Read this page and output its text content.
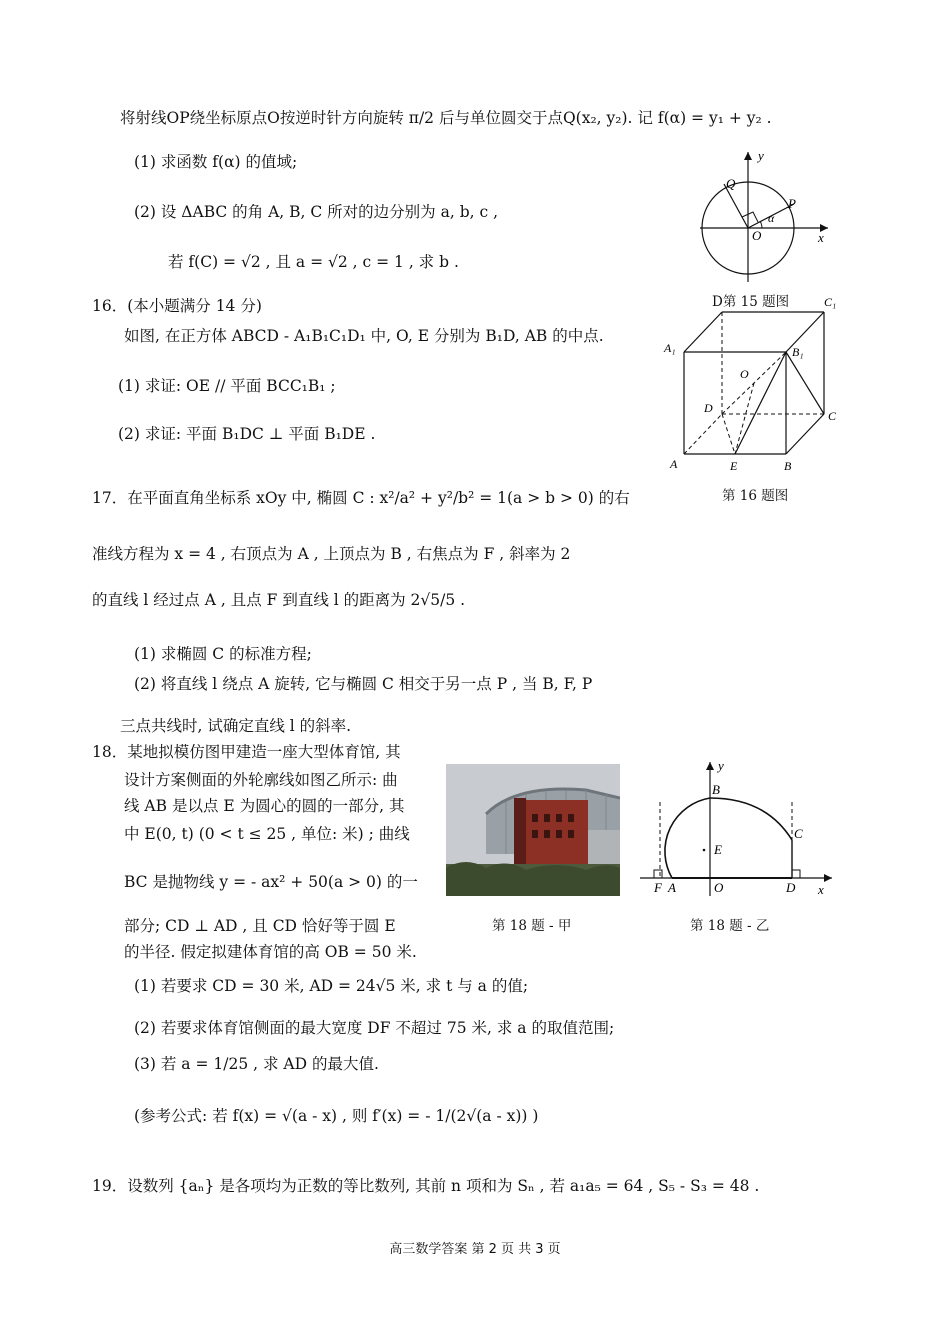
将射线OP绕坐标原点O按逆时针方向旋转 π/2 后与单位圆交于点Q(x₂, y₂). 记 f(α) = y₁ + y₂ .
(1) 求函数 f(α) 的值域;
(2) 设 ΔABC 的角 A, B, C 所对的边分别为 a, b, c ,
若 f(C) = √2 , 且 a = √2 , c = 1 , 求 b .
16．(本小题满分 14 分)
如图, 在正方体 ABCD - A₁B₁C₁D₁ 中, O, E 分别为 B₁D, AB 的中点.
(1) 求证: OE // 平面 BCC₁B₁ ;
(2) 求证: 平面 B₁DC ⊥ 平面 B₁DE .
17．在平面直角坐标系 xOy 中, 椭圆 C : x²/a² + y²/b² = 1(a > b > 0) 的右
准线方程为 x = 4 , 右顶点为 A , 上顶点为 B , 右焦点为 F , 斜率为 2
的直线 l 经过点 A , 且点 F 到直线 l 的距离为 2√5/5 .
(1) 求椭圆 C 的标准方程;
(2) 将直线 l 绕点 A 旋转, 它与椭圆 C 相交于另一点 P , 当 B, F, P
三点共线时, 试确定直线 l 的斜率.
18．某地拟模仿图甲建造一座大型体育馆, 其
设计方案侧面的外轮廓线如图乙所示: 曲
线 AB 是以点 E 为圆心的圆的一部分, 其
中 E(0, t) (0 < t ≤ 25 , 单位: 米) ; 曲线
BC 是抛物线 y = - ax² + 50(a > 0) 的一
部分; CD ⊥ AD , 且 CD 恰好等于圆 E
的半径. 假定拟建体育馆的高 OB = 50 米.
(1) 若要求 CD = 30 米, AD = 24√5 米, 求 t 与 a 的值;
(2) 若要求体育馆侧面的最大宽度 DF 不超过 75 米, 求 a 的取值范围;
(3) 若 a = 1/25 , 求 AD 的最大值.
(参考公式: 若 f(x) = √(a - x) , 则 f′(x) = - 1/(2√(a - x)) )
19．设数列 {aₙ} 是各项均为正数的等比数列, 其前 n 项和为 Sₙ , 若 a₁a₅ = 64 , S₅ - S₃ = 48 .
y
x
Q
P
O
α
D第 15 题图	C₁
A₁	B₁
O
D
C
A	E	B
第 16 题图
第 18 题 - 甲
y
B
C
E
F A	O	D x
第 18 题 - 乙
高三数学答案 第 2 页 共 3 页
